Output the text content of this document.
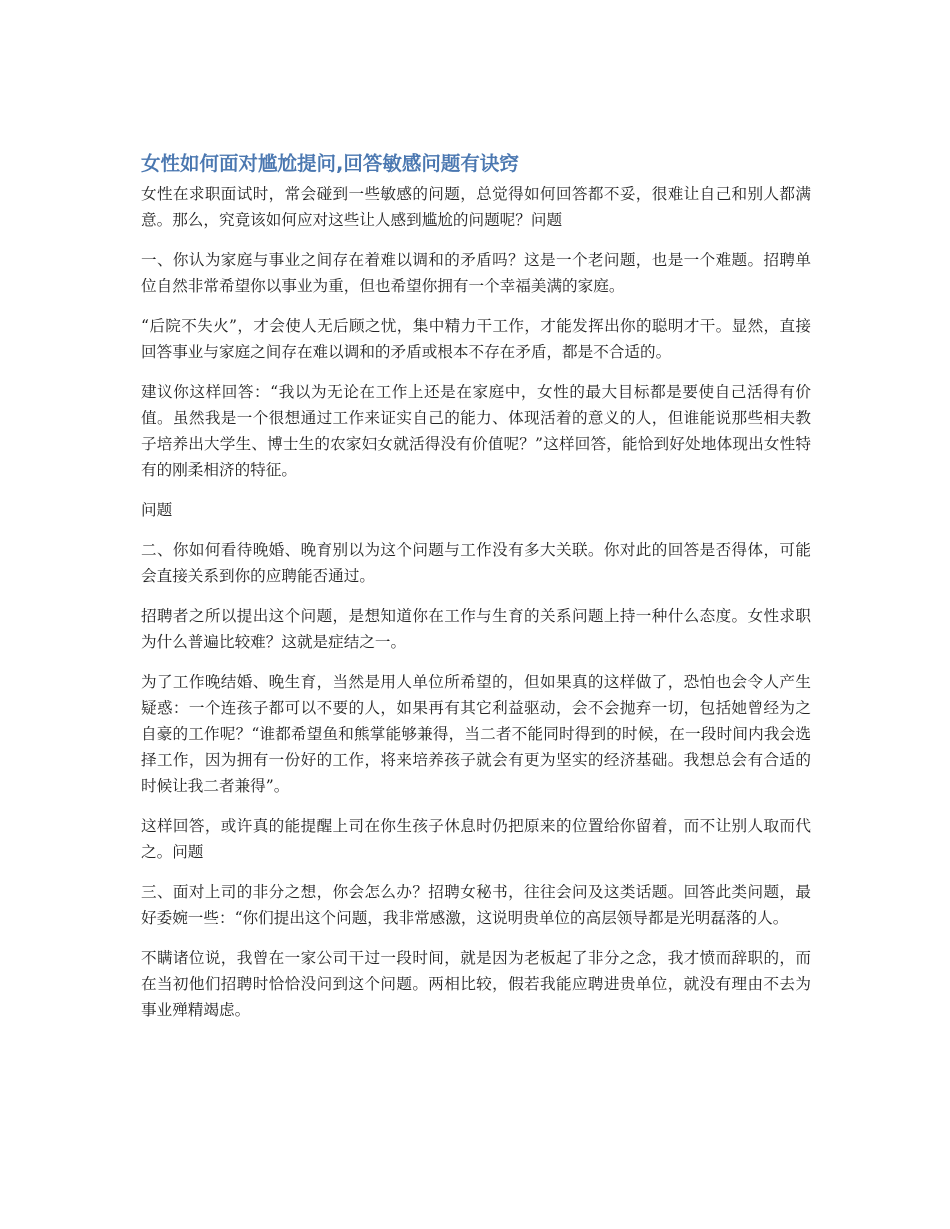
女性如何面对尴尬提问,回答敏感问题有诀窍

女性在求职面试时，常会碰到一些敏感的问题，总觉得如何回答都不妥，很难让自己和别人都满意。那么，究竟该如何应对这些让人感到尴尬的问题呢？问题

一、你认为家庭与事业之间存在着难以调和的矛盾吗？这是一个老问题，也是一个难题。招聘单位自然非常希望你以事业为重，但也希望你拥有一个幸福美满的家庭。

“后院不失火”，才会使人无后顾之忧，集中精力干工作，才能发挥出你的聪明才干。显然，直接回答事业与家庭之间存在难以调和的矛盾或根本不存在矛盾，都是不合适的。

建议你这样回答：“我以为无论在工作上还是在家庭中，女性的最大目标都是要使自己活得有价值。虽然我是一个很想通过工作来证实自己的能力、体现活着的意义的人，但谁能说那些相夫教子培养出大学生、博士生的农家妇女就活得没有价值呢？”这样回答，能恰到好处地体现出女性特有的刚柔相济的特征。

问题

二、你如何看待晚婚、晚育别以为这个问题与工作没有多大关联。你对此的回答是否得体，可能会直接关系到你的应聘能否通过。

招聘者之所以提出这个问题，是想知道你在工作与生育的关系问题上持一种什么态度。女性求职为什么普遍比较难？这就是症结之一。

为了工作晚结婚、晚生育，当然是用人单位所希望的，但如果真的这样做了，恐怕也会令人产生疑惑：一个连孩子都可以不要的人，如果再有其它利益驱动，会不会抛弃一切，包括她曾经为之自豪的工作呢？“谁都希望鱼和熊掌能够兼得，当二者不能同时得到的时候，在一段时间内我会选择工作，因为拥有一份好的工作，将来培养孩子就会有更为坚实的经济基础。我想总会有合适的时候让我二者兼得”。

这样回答，或许真的能提醒上司在你生孩子休息时仍把原来的位置给你留着，而不让别人取而代之。问题

三、面对上司的非分之想，你会怎么办？招聘女秘书，往往会问及这类话题。回答此类问题，最好委婉一些：“你们提出这个问题，我非常感激，这说明贵单位的高层领导都是光明磊落的人。

不瞒诸位说，我曾在一家公司干过一段时间，就是因为老板起了非分之念，我才愤而辞职的，而在当初他们招聘时恰恰没问到这个问题。两相比较，假若我能应聘进贵单位，就没有理由不去为事业殚精竭虑。
